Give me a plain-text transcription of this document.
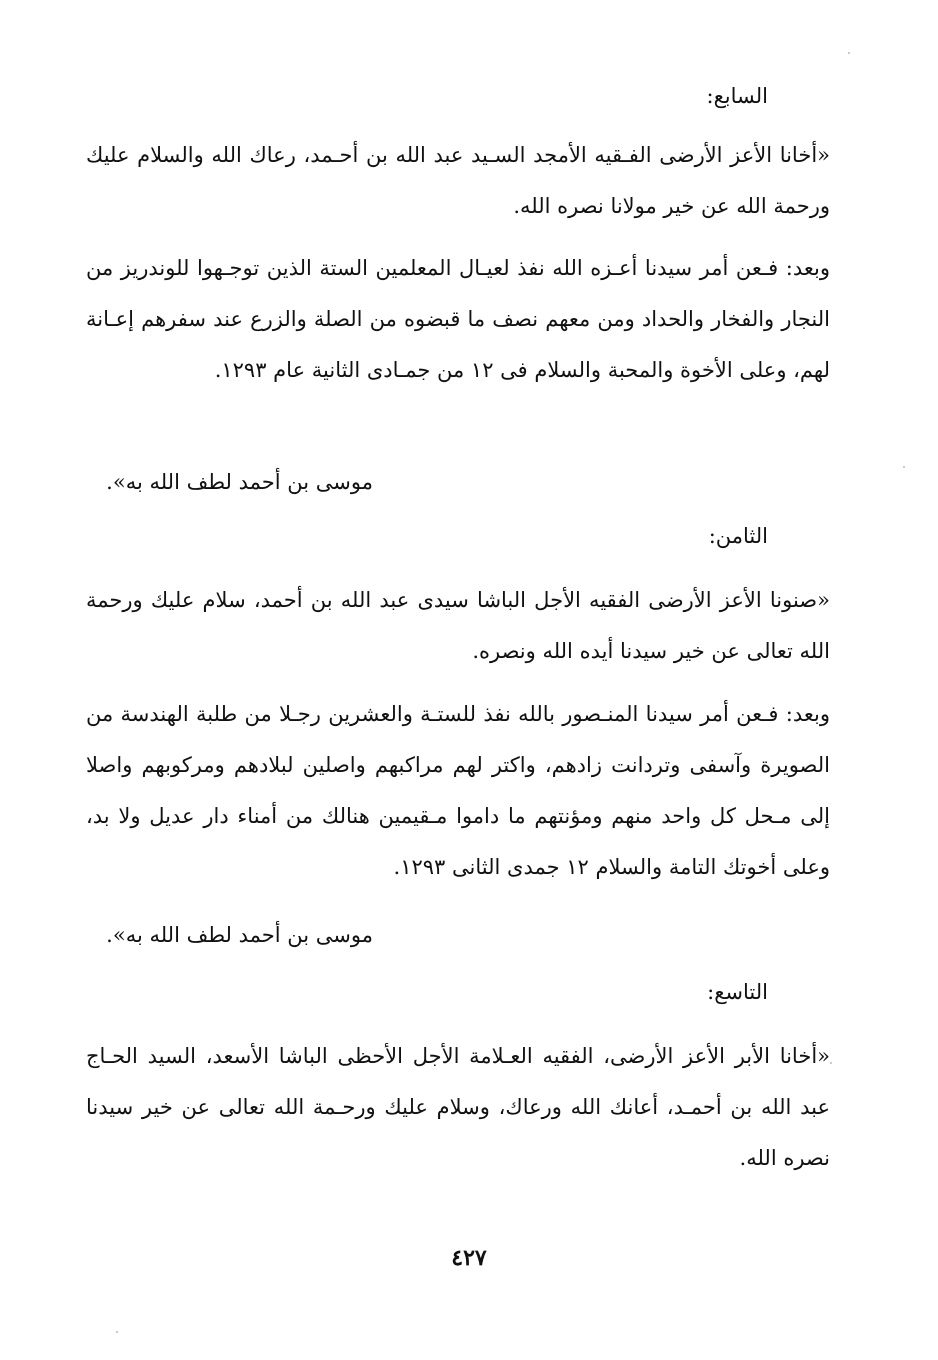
السابع:
«أخانا الأعز الأرضى الفـقيه الأمجد السـيد عبد الله بن أحـمد، رعاك الله والسلام عليك ورحمة الله عن خير مولانا نصره الله.
وبعد: فـعن أمر سيدنا أعـزه الله نفذ لعيـال المعلمين الستة الذين توجـهوا للوندريز من النجار والفخار والحداد ومن معهم نصف ما قبضوه من الصلة والزرع عند سفرهم إعـانة لهم، وعلى الأخوة والمحبة والسلام فى ١٢ من جمـادى الثانية عام ١٢٩٣.
موسى بن أحمد لطف الله به».
الثامن:
«صنونا الأعز الأرضى الفقيه الأجل الباشا سيدى عبد الله بن أحمد، سلام عليك ورحمة الله تعالى عن خير سيدنا أيده الله ونصره.
وبعد: فـعن أمر سيدنا المنـصور بالله نفذ للستـة والعشرين رجـلا من طلبة الهندسة من الصويرة وآسفى وتردانت زادهم، واكتر لهم مراكبهم واصلين لبلادهم ومركوبهم واصلا إلى مـحل كل واحد منهم ومؤنتهم ما داموا مـقيمين هنالك من أمناء دار عديل ولا بد، وعلى أخوتك التامة والسلام ١٢ جمدى الثانى ١٢٩٣.
موسى بن أحمد لطف الله به».
التاسع:
«أخانا الأبر الأعز الأرضى، الفقيه العـلامة الأجل الأحظى الباشا الأسعد، السيد الحـاج عبد الله بن أحمـد، أعانك الله ورعاك، وسلام عليك ورحـمة الله تعالى عن خير سيدنا نصره الله.
٤٢٧
